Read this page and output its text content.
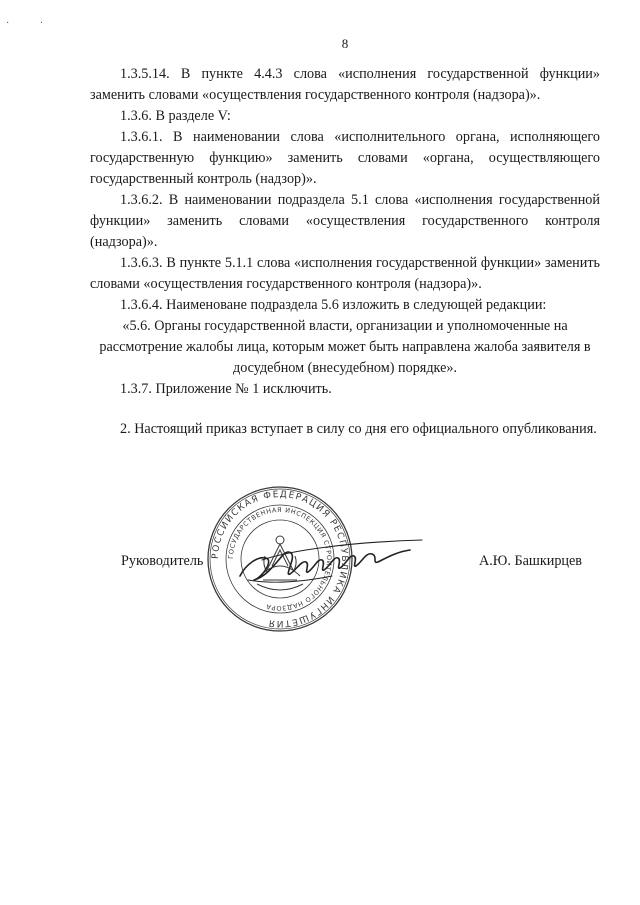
· ·
8

1.3.5.14. В пункте 4.4.3 слова «исполнения государственной функции» заменить словами «осуществления государственного контроля (надзора)».

1.3.6. В разделе V:

1.3.6.1. В наименовании слова «исполнительного органа, исполняющего государственную функцию» заменить словами «органа, осуществляющего государственный контроль (надзор)».

1.3.6.2. В наименовании подраздела 5.1 слова «исполнения государственной функции» заменить словами «осуществления государственного контроля (надзора)».

1.3.6.3. В пункте 5.1.1 слова «исполнения государственной функции» заменить словами «осуществления государственного контроля (надзора)».

1.3.6.4. Наименоване подраздела 5.6 изложить в следующей редакции:

«5.6. Органы государственной власти, организации и уполномоченные на рассмотрение жалобы лица, которым может быть направлена жалоба заявителя в досудебном (внесудебном) порядке».

1.3.7. Приложение № 1 исключить.

2. Настоящий приказ вступает в силу со дня его официального опубликования.

РОССИЙСКАЯ ФЕДЕРАЦИЯ РЕСПУБЛИКА ИНГУШЕТИЯ
ГОСУДАРСТВЕННАЯ ИНСПЕКЦИЯ СТРОИТЕЛЬНОГО НАДЗОРА
Руководитель	А.Ю. Башкирцев
